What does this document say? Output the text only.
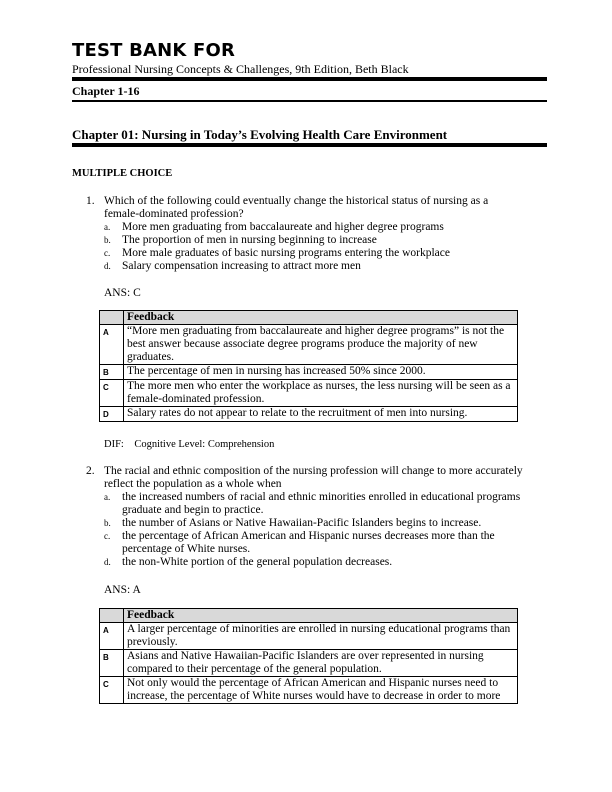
TEST BANK FOR
Professional Nursing Concepts & Challenges, 9th Edition, Beth Black
Chapter 1-16
Chapter 01: Nursing in Today’s Evolving Health Care Environment
MULTIPLE CHOICE
1. Which of the following could eventually change the historical status of nursing as a female-dominated profession?
a. More men graduating from baccalaureate and higher degree programs
b. The proportion of men in nursing beginning to increase
c. More male graduates of basic nursing programs entering the workplace
d. Salary compensation increasing to attract more men
ANS: C
	Feedback
A	“More men graduating from baccalaureate and higher degree programs” is not the best answer because associate degree programs produce the majority of new graduates.
B	The percentage of men in nursing has increased 50% since 2000.
C	The more men who enter the workplace as nurses, the less nursing will be seen as a female-dominated profession.
D	Salary rates do not appear to relate to the recruitment of men into nursing.
DIF: Cognitive Level: Comprehension
2. The racial and ethnic composition of the nursing profession will change to more accurately reflect the population as a whole when
a. the increased numbers of racial and ethnic minorities enrolled in educational programs graduate and begin to practice.
b. the number of Asians or Native Hawaiian-Pacific Islanders begins to increase.
c. the percentage of African American and Hispanic nurses decreases more than the percentage of White nurses.
d. the non-White portion of the general population decreases.
ANS: A
	Feedback
A	A larger percentage of minorities are enrolled in nursing educational programs than previously.
B	Asians and Native Hawaiian-Pacific Islanders are over represented in nursing compared to their percentage of the general population.
C	Not only would the percentage of African American and Hispanic nurses need to increase, the percentage of White nurses would have to decrease in order to more
